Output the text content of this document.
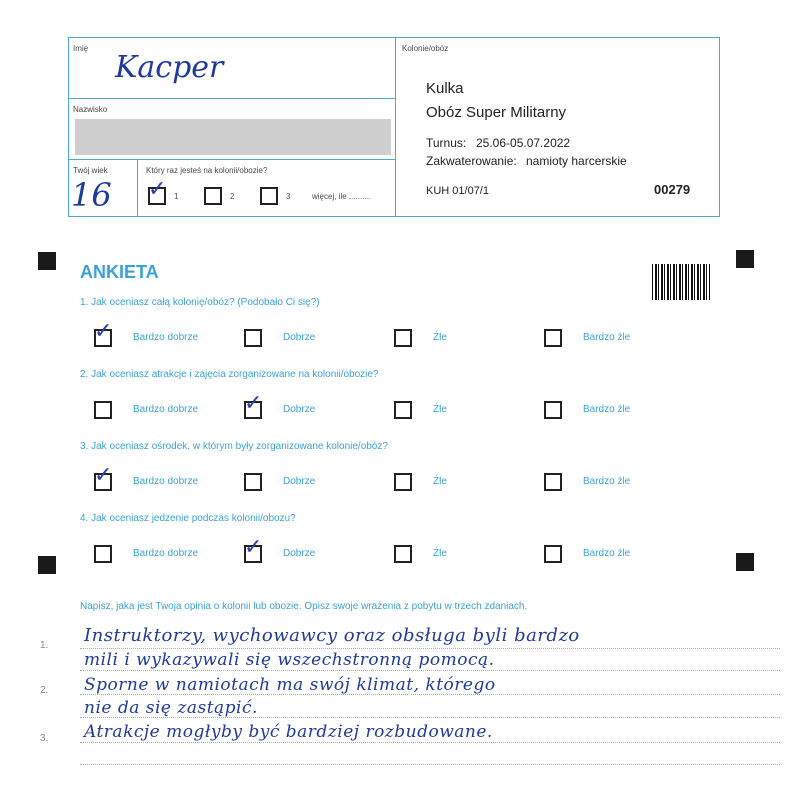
Imię
Kacper
Nazwisko
Twój wiek
16
Który raz jesteś na kolonii/obozie?
✓ 1	2	3	więcej, ile ..........
Kolonie/obóz
Kulka
Obóz Super Militarny
Turnus: 25.06-05.07.2022
Zakwaterowanie: namioty harcerskie
KUH 01/07/1	00279
ANKIETA
1. Jak oceniasz całą kolonię/obóz? (Podobało Ci się?)
2. Jak oceniasz atrakcje i zajęcia zorganizowane na kolonii/obozie?
3. Jak oceniasz ośrodek, w którym były zorganizowane kolonie/obóz?
4. Jak oceniasz jedzenie podczas kolonii/obozu?
Napisz, jaka jest Twoja opinia o kolonii lub obozie. Opisz swoje wrażenia z pobytu w trzech zdaniach.
1.
2.
3.
Instruktorzy, wychowawcy oraz obsługa byli bardzo
mili i wykazywali się wszechstronną pomocą.
Sporne w namiotach ma swój klimat, którego
nie da się zastąpić.
Atrakcje mogłyby być bardziej rozbudowane.
✓ Bardzo dobrze	Dobrze	Źle	Bardzo źle
Bardzo dobrze ✓ Dobrze	Źle	Bardzo źle
✓ Bardzo dobrze	Dobrze	Źle	Bardzo źle
Bardzo dobrze ✓ Dobrze	Źle	Bardzo źle
